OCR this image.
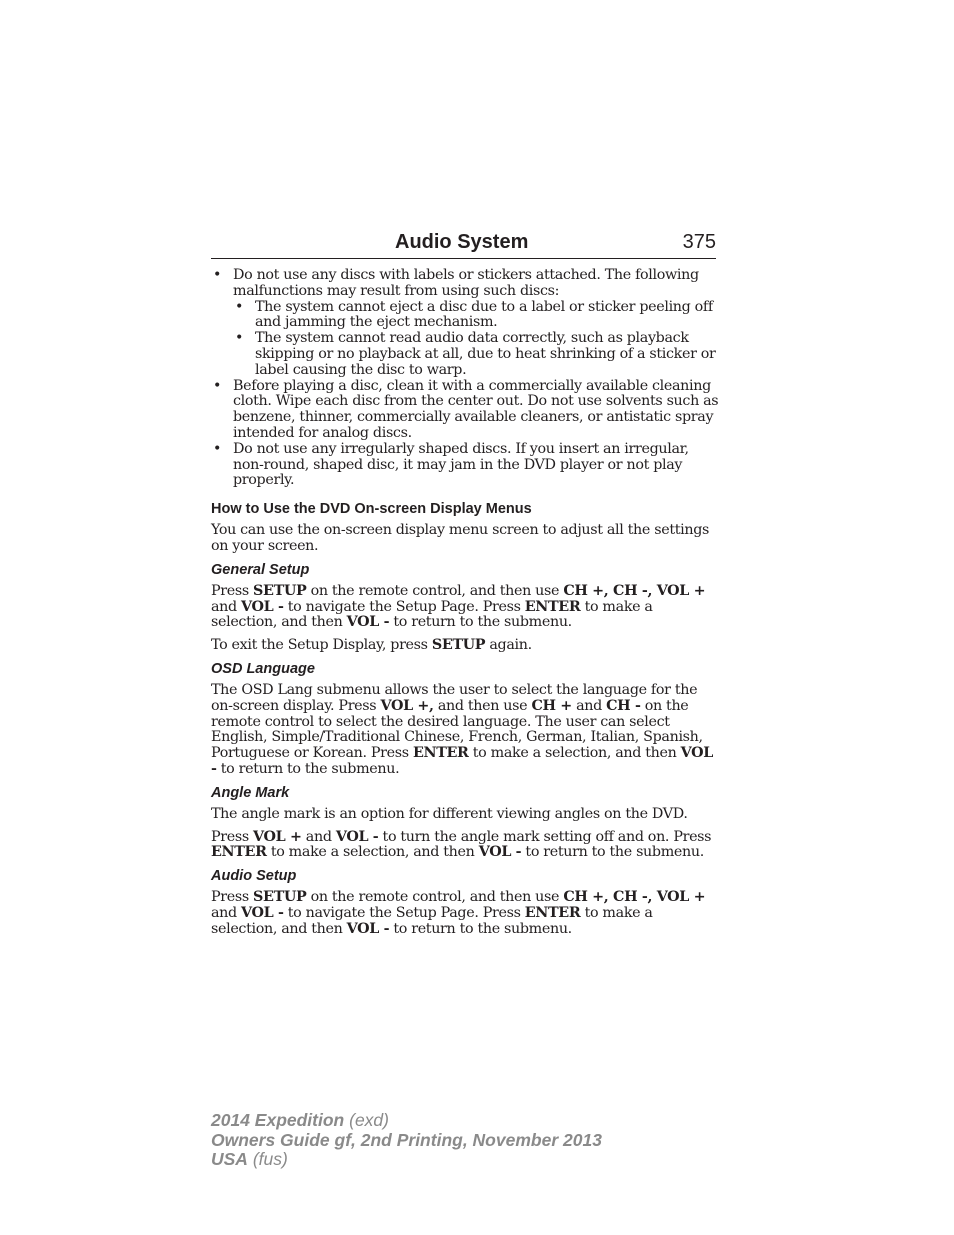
Audio System	375
• Do not use any discs with labels or stickers attached. The following malfunctions may result from using such discs:
• The system cannot eject a disc due to a label or sticker peeling off and jamming the eject mechanism.
• The system cannot read audio data correctly, such as playback skipping or no playback at all, due to heat shrinking of a sticker or label causing the disc to warp.
• Before playing a disc, clean it with a commercially available cleaning cloth. Wipe each disc from the center out. Do not use solvents such as benzene, thinner, commercially available cleaners, or antistatic spray intended for analog discs.
• Do not use any irregularly shaped discs. If you insert an irregular, non-round, shaped disc, it may jam in the DVD player or not play properly.
How to Use the DVD On-screen Display Menus

You can use the on-screen display menu screen to adjust all the settings on your screen.

General Setup

Press SETUP on the remote control, and then use CH +, CH -, VOL + and VOL - to navigate the Setup Page. Press ENTER to make a selection, and then VOL - to return to the submenu.

To exit the Setup Display, press SETUP again.

OSD Language

The OSD Lang submenu allows the user to select the language for the on-screen display. Press VOL +, and then use CH + and CH - on the remote control to select the desired language. The user can select English, Simple/Traditional Chinese, French, German, Italian, Spanish, Portuguese or Korean. Press ENTER to make a selection, and then VOL - to return to the submenu.

Angle Mark

The angle mark is an option for different viewing angles on the DVD.

Press VOL + and VOL - to turn the angle mark setting off and on. Press ENTER to make a selection, and then VOL - to return to the submenu.

Audio Setup

Press SETUP on the remote control, and then use CH +, CH -, VOL + and VOL - to navigate the Setup Page. Press ENTER to make a selection, and then VOL - to return to the submenu.

2014 Expedition (exd)
Owners Guide gf, 2nd Printing, November 2013
USA (fus)
